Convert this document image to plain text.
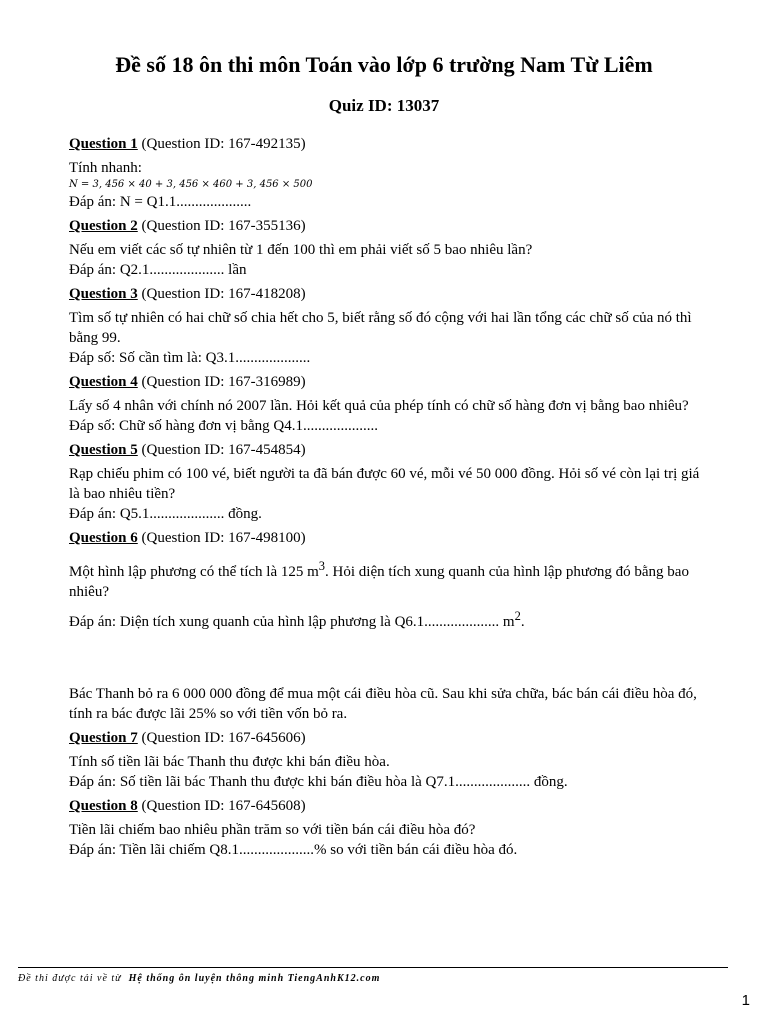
Đề số 18 ôn thi môn Toán vào lớp 6 trường Nam Từ Liêm
Quiz ID: 13037

Question 1 (Question ID: 167-492135)

Tính nhanh:

N = 3, 456 × 40 + 3, 456 × 460 + 3, 456 × 500

Đáp án: N = Q1.1....................

Question 2 (Question ID: 167-355136)

Nếu em viết các số tự nhiên từ 1 đến 100 thì em phải viết số 5 bao nhiêu lần?

Đáp án: Q2.1.................... lần

Question 3 (Question ID: 167-418208)

Tìm số tự nhiên có hai chữ số chia hết cho 5, biết rằng số đó cộng với hai lần tổng các chữ số của nó thì bằng 99.

Đáp số: Số cần tìm là: Q3.1....................

Question 4 (Question ID: 167-316989)

Lấy số 4 nhân với chính nó 2007 lần. Hỏi kết quả của phép tính có chữ số hàng đơn vị bằng bao nhiêu?

Đáp số: Chữ số hàng đơn vị bằng Q4.1....................

Question 5 (Question ID: 167-454854)

Rạp chiếu phim có 100 vé, biết người ta đã bán được 60 vé, mỗi vé 50 000 đồng. Hỏi số vé còn lại trị giá là bao nhiêu tiền?

Đáp án: Q5.1.................... đồng.

Question 6 (Question ID: 167-498100)

Một hình lập phương có thể tích là 125 $m^3$. Hỏi diện tích xung quanh của hình lập phương đó bằng bao nhiêu?

Đáp án: Diện tích xung quanh của hình lập phương là Q6.1.................... $m^2$.

Bác Thanh bỏ ra 6 000 000 đồng để mua một cái điều hòa cũ. Sau khi sửa chữa, bác bán cái điều hòa đó, tính ra bác được lãi 25% so với tiền vốn bỏ ra.

Question 7 (Question ID: 167-645606)

Tính số tiền lãi bác Thanh thu được khi bán điều hòa.

Đáp án: Số tiền lãi bác Thanh thu được khi bán điều hòa là Q7.1.................... đồng.

Question 8 (Question ID: 167-645608)

Tiền lãi chiếm bao nhiêu phần trăm so với tiền bán cái điều hòa đó?

Đáp án: Tiền lãi chiếm Q8.1....................% so với tiền bán cái điều hòa đó.

Đề thi được tải về từ Hệ thống ôn luyện thông minh TiengAnhK12.com
1
